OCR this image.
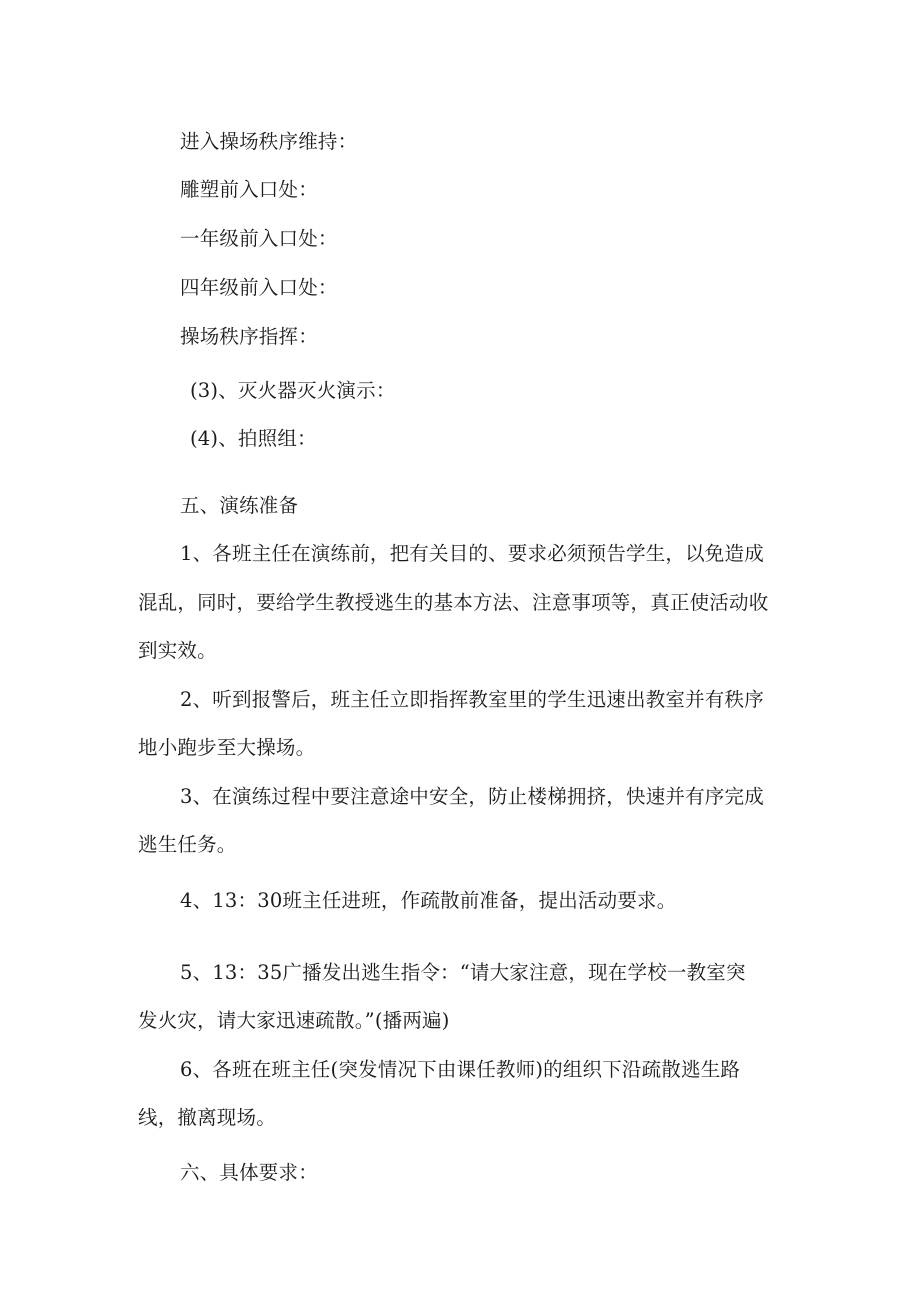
进入操场秩序维持：
雕塑前入口处：
一年级前入口处：
四年级前入口处：
操场秩序指挥：
(3)、灭火器灭火演示：
(4)、拍照组：
五、演练准备
1、各班主任在演练前，把有关目的、要求必须预告学生，以免造成
混乱，同时，要给学生教授逃生的基本方法、注意事项等，真正使活动收
到实效。
2、听到报警后，班主任立即指挥教室里的学生迅速出教室并有秩序
地小跑步至大操场。
3、在演练过程中要注意途中安全，防止楼梯拥挤，快速并有序完成
逃生任务。
4、13：30班主任进班，作疏散前准备，提出活动要求。
5、13：35广播发出逃生指令：“请大家注意，现在学校一教室突
发火灾，请大家迅速疏散。”(播两遍)
6、各班在班主任(突发情况下由课任教师)的组织下沿疏散逃生路
线，撤离现场。
六、具体要求：
